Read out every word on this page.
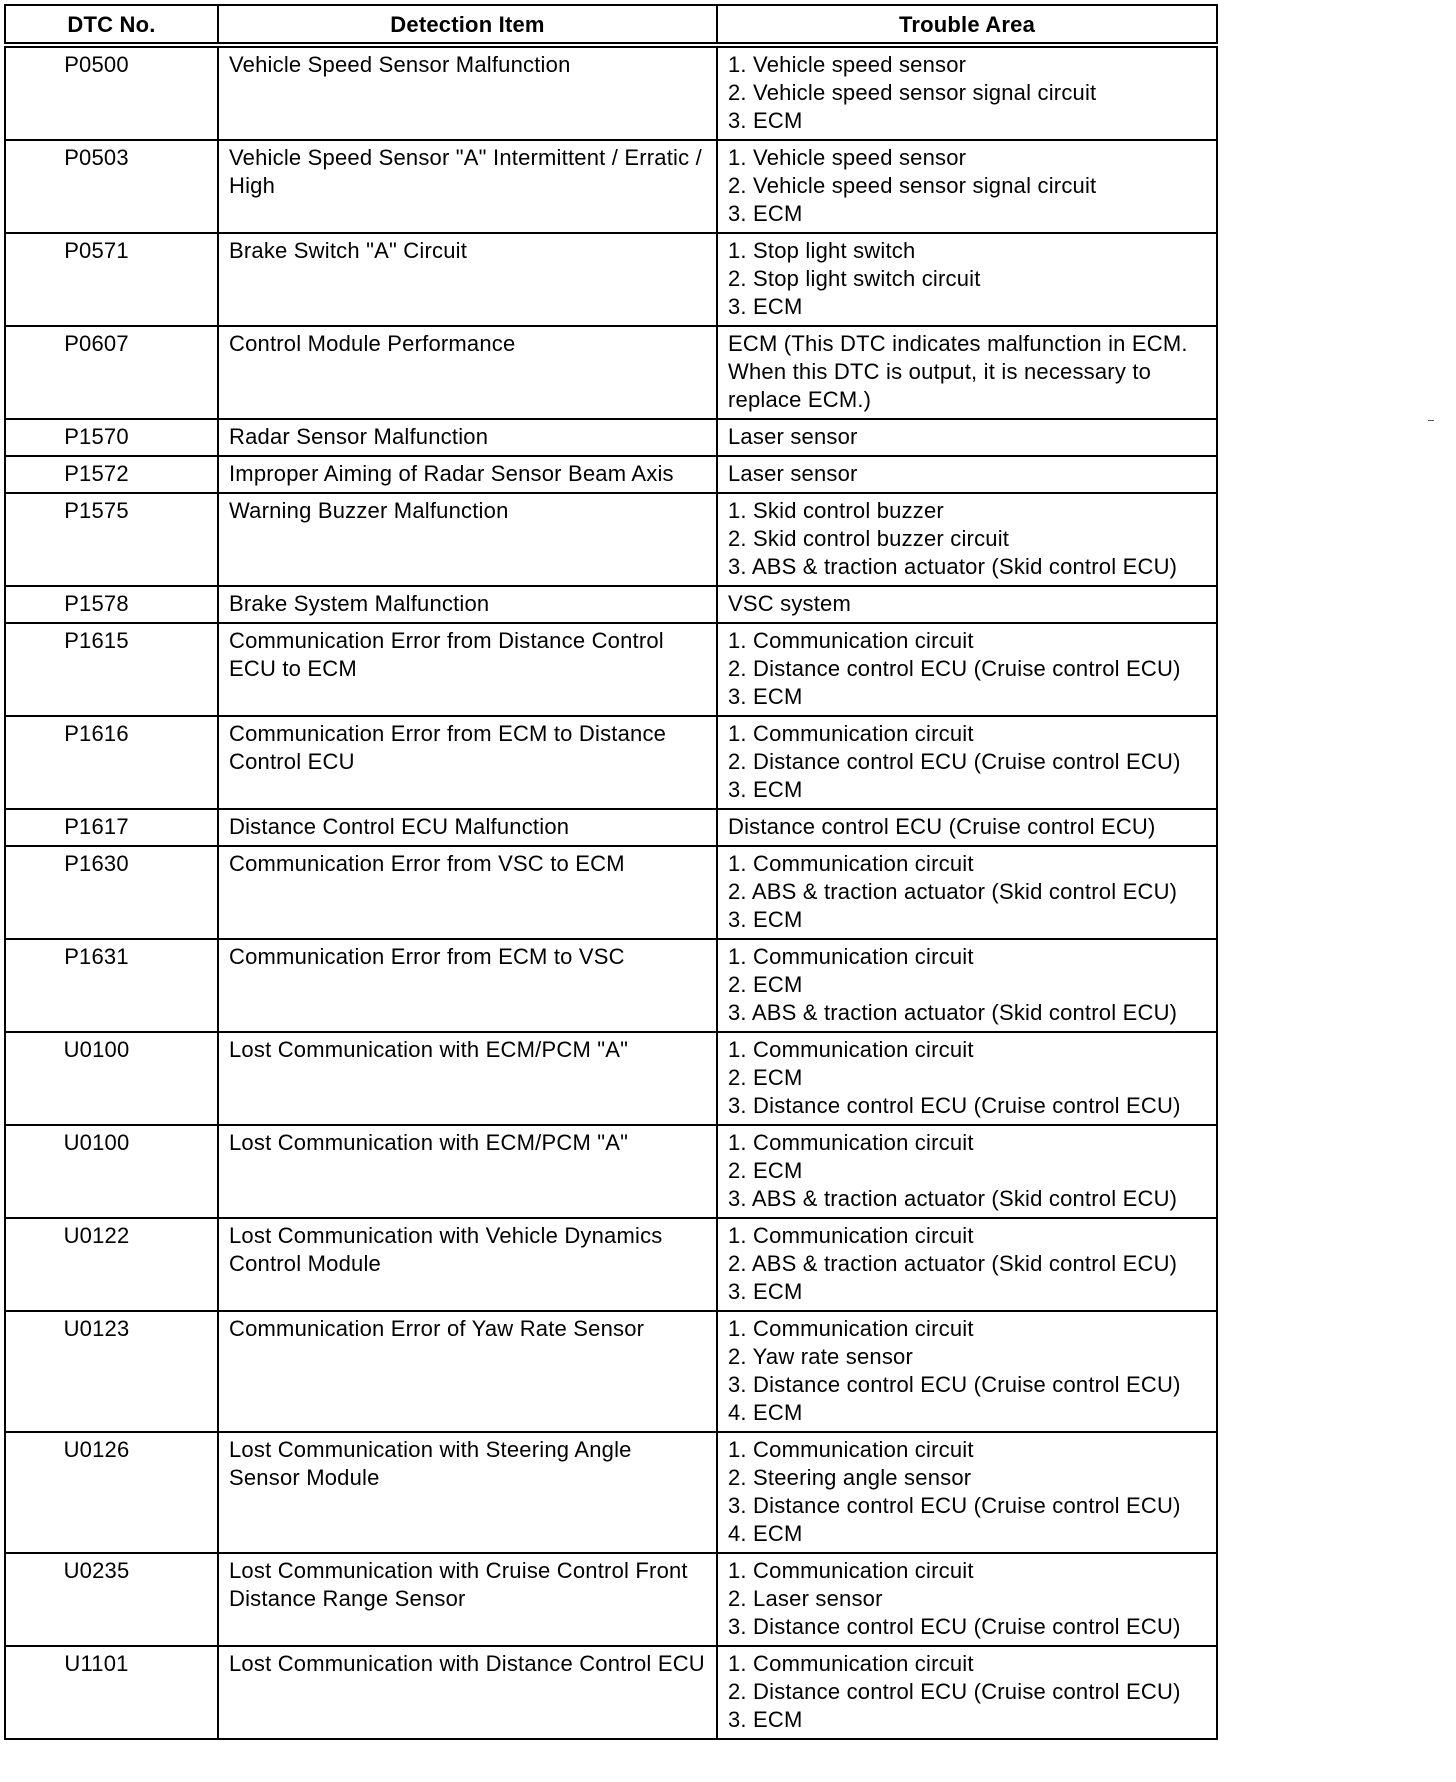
DTC No.	Detection Item	Trouble Area
P0500	Vehicle Speed Sensor Malfunction	1. Vehicle speed sensor
2. Vehicle speed sensor signal circuit
3. ECM

P0503	Vehicle Speed Sensor "A" Intermittent / Erratic / High	1. Vehicle speed sensor
2. Vehicle speed sensor signal circuit
3. ECM

P0571	Brake Switch "A" Circuit	1. Stop light switch
2. Stop light switch circuit
3. ECM

P0607	Control Module Performance	ECM (This DTC indicates malfunction in ECM. When this DTC is output, it is necessary to replace ECM.)

P1570	Radar Sensor Malfunction	Laser sensor

P1572	Improper Aiming of Radar Sensor Beam Axis	Laser sensor

P1575	Warning Buzzer Malfunction	1. Skid control buzzer
2. Skid control buzzer circuit
3. ABS & traction actuator (Skid control ECU)

P1578	Brake System Malfunction	VSC system

P1615	Communication Error from Distance Control ECU to ECM	1. Communication circuit
2. Distance control ECU (Cruise control ECU)
3. ECM

P1616	Communication Error from ECM to Distance Control ECU	1. Communication circuit
2. Distance control ECU (Cruise control ECU)
3. ECM

P1617	Distance Control ECU Malfunction	Distance control ECU (Cruise control ECU)

P1630	Communication Error from VSC to ECM	1. Communication circuit
2. ABS & traction actuator (Skid control ECU)
3. ECM

P1631	Communication Error from ECM to VSC	1. Communication circuit
2. ECM
3. ABS & traction actuator (Skid control ECU)

U0100	Lost Communication with ECM/PCM "A"	1. Communication circuit
2. ECM
3. Distance control ECU (Cruise control ECU)

U0100	Lost Communication with ECM/PCM "A"	1. Communication circuit
2. ECM
3. ABS & traction actuator (Skid control ECU)

U0122	Lost Communication with Vehicle Dynamics Control Module	1. Communication circuit
2. ABS & traction actuator (Skid control ECU)
3. ECM

U0123	Communication Error of Yaw Rate Sensor	1. Communication circuit
2. Yaw rate sensor
3. Distance control ECU (Cruise control ECU)
4. ECM

U0126	Lost Communication with Steering Angle Sensor Module	1. Communication circuit
2. Steering angle sensor
3. Distance control ECU (Cruise control ECU)
4. ECM

U0235	Lost Communication with Cruise Control Front Distance Range Sensor	1. Communication circuit
2. Laser sensor
3. Distance control ECU (Cruise control ECU)

U1101	Lost Communication with Distance Control ECU	1. Communication circuit
2. Distance control ECU (Cruise control ECU)
3. ECM
